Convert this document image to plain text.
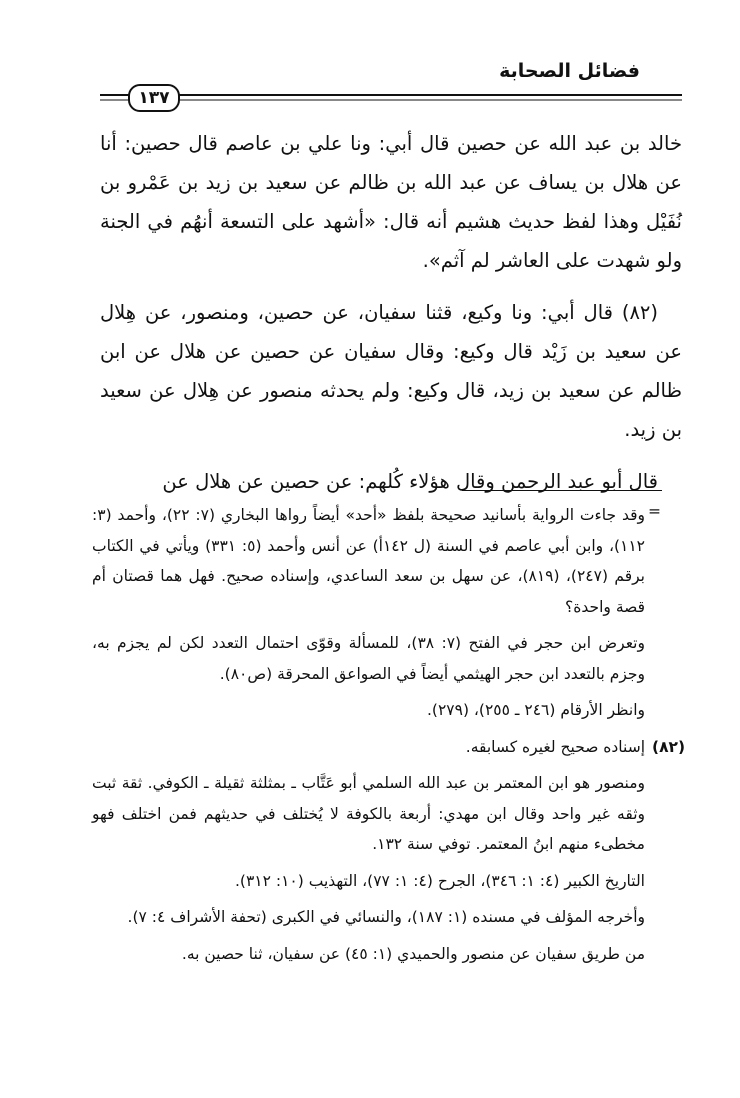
فضائل الصحابة
١٣٧

خالد بن عبد الله عن حصين قال أبي: ونا علي بن عاصم قال حصين: أنا عن هلال بن يساف عن عبد الله بن ظالم عن سعيد بن زيد بن عَمْرو بن نُفَيْل وهذا لفظ حديث هشيم أنه قال: «أشهد على التسعة أنهُم في الجنة ولو شهدت على العاشر لم آثم».

(٨٢) قال أبي: ونا وكيع، قثنا سفيان، عن حصين، ومنصور، عن هِلال عن سعيد بن زَيْد قال وكيع: وقال سفيان عن حصين عن هلال عن ابن ظالم عن سعيد بن زيد، قال وكيع: ولم يحدثه منصور عن هِلال عن سعيد بن زيد.

قال أبو عبد الرحمن وقال هؤلاء كُلهم: عن حصين عن هلال عن

=
(٨٢)

وقد جاءت الرواية بأسانيد صحيحة بلفظ «أحد» أيضاً رواها البخاري (٧: ٢٢)، وأحمد (٣: ١١٢)، وابن أبي عاصم في السنة (ل ١٤٢أ) عن أنس وأحمد (٥: ٣٣١) ويأتي في الكتاب برقم (٢٤٧)، (٨١٩)، عن سهل بن سعد الساعدي، وإسناده صحيح. فهل هما قصتان أم قصة واحدة؟

وتعرض ابن حجر في الفتح (٧: ٣٨)، للمسألة وقوّى احتمال التعدد لكن لم يجزم به، وجزم بالتعدد ابن حجر الهيثمي أيضاً في الصواعق المحرقة (ص٨٠).

وانظر الأرقام (٢٤٦ ـ ٢٥٥)، (٢٧٩).

إسناده صحيح لغيره كسابقه.

ومنصور هو ابن المعتمر بن عبد الله السلمي أبو عَتَّاب ـ بمثلثة ثقيلة ـ الكوفي. ثقة ثبت وثقه غير واحد وقال ابن مهدي: أربعة بالكوفة لا يُختلف في حديثهم فمن اختلف فهو مخطىء منهم ابنُ المعتمر. توفي سنة ١٣٢.

التاريخ الكبير (٤: ١: ٣٤٦)، الجرح (٤: ١: ٧٧)، التهذيب (١٠: ٣١٢).

وأخرجه المؤلف في مسنده (١: ١٨٧)، والنسائي في الكبرى (تحفة الأشراف ٤: ٧).

من طريق سفيان عن منصور والحميدي (١: ٤٥) عن سفيان، ثنا حصين به.
